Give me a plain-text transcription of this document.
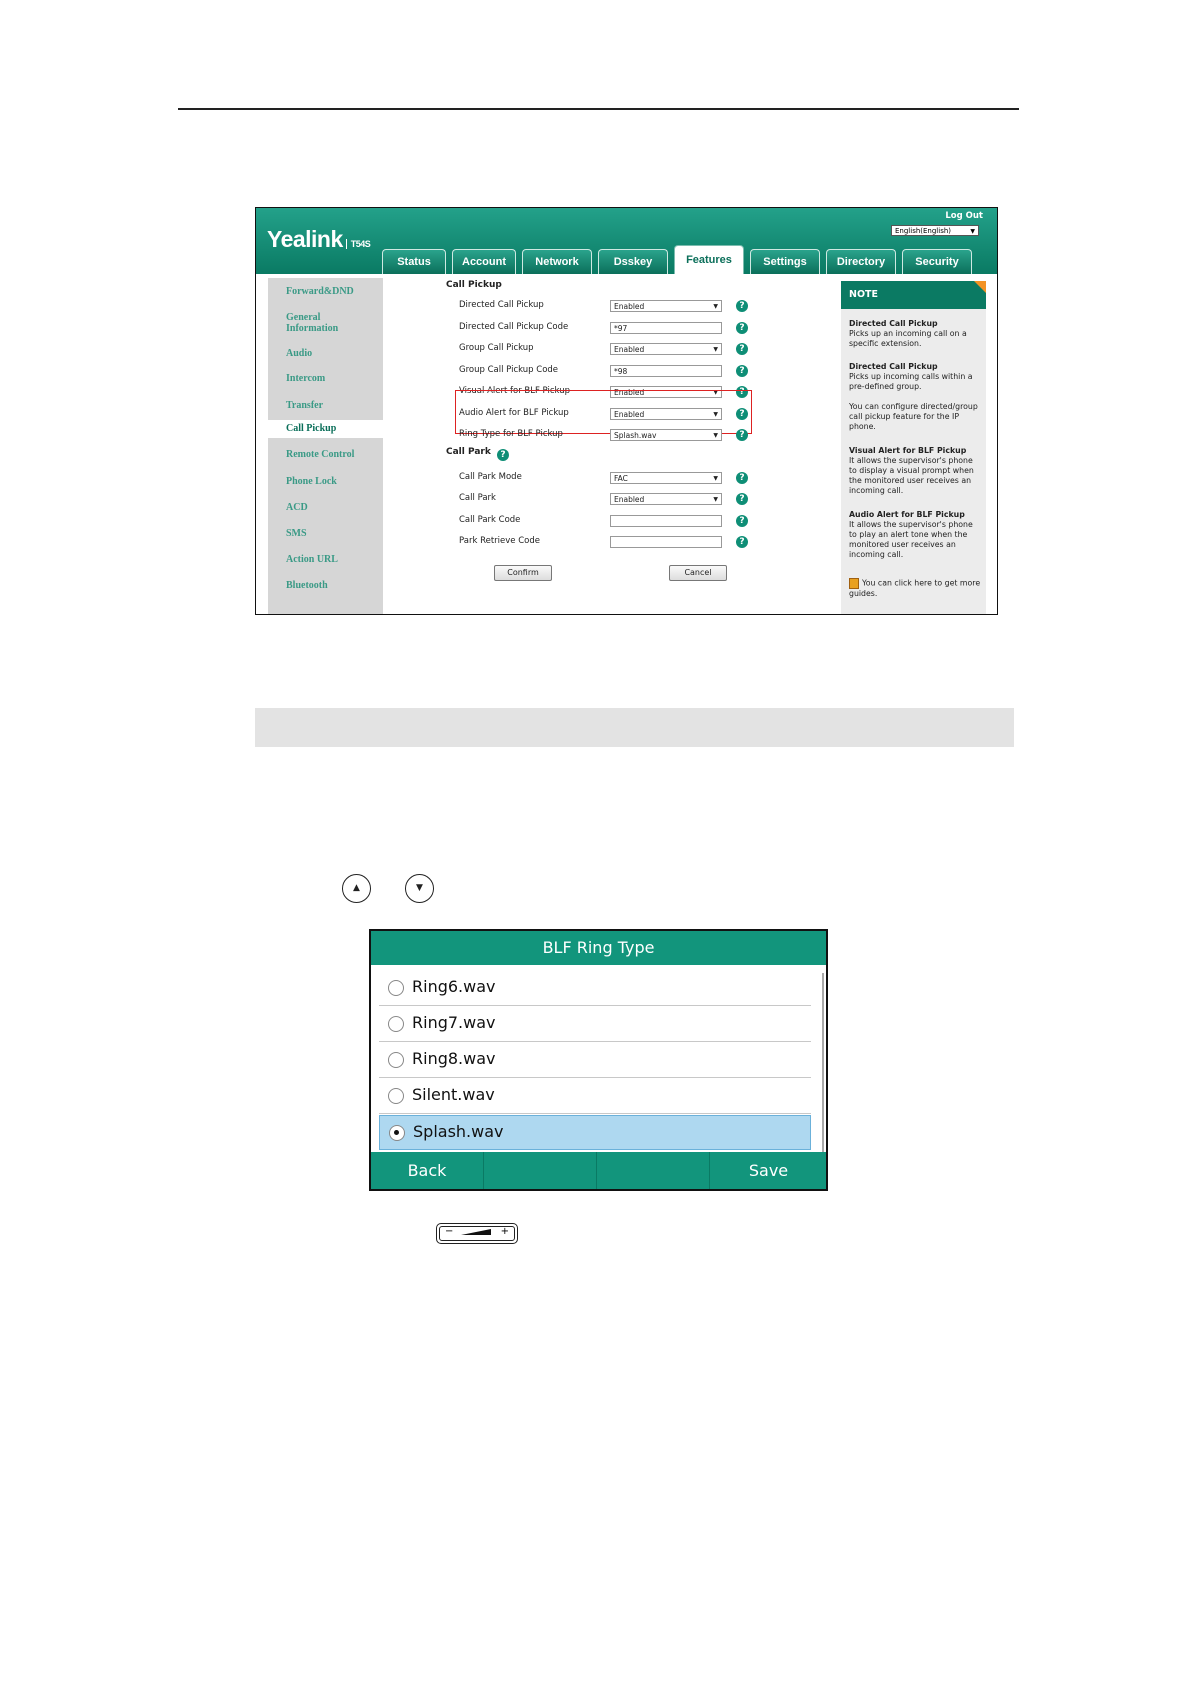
Yealink T54S
Log Out
English(English)	▼
Status	Account	Network	Dsskey	Features	Settings	Directory	Security
Forward&DND
General Information
Audio
Intercom
Transfer
Call Pickup
Remote Control
Phone Lock
ACD
SMS
Action URL
Bluetooth
Call Pickup
Directed Call Pickup	Enabled	▼	?
Directed Call Pickup Code	*97	?
Group Call Pickup	Enabled	▼	?
Group Call Pickup Code	*98	?
Visual Alert for BLF Pickup	Enabled	▼	?
Audio Alert for BLF Pickup	Enabled	▼	?
Ring Type for BLF Pickup	Splash.wav	▼	?
Call Park	?
Call Park Mode	FAC	▼	?
Call Park	Enabled	▼	?
Call Park Code	?
Park Retrieve Code	?
Confirm	Cancel
NOTE
Directed Call Pickup
Picks up an incoming call on a specific extension.
Directed Call Pickup
Picks up incoming calls within a pre-defined group.
You can configure directed/group call pickup feature for the IP phone.
Visual Alert for BLF Pickup
It allows the supervisor's phone to display a visual prompt when the monitored user receives an incoming call.
Audio Alert for BLF Pickup
It allows the supervisor's phone to play an alert tone when the monitored user receives an incoming call.
You can click here to get more guides.
▲	▼
BLF Ring Type
Ring6.wav
Ring7.wav
Ring8.wav
Silent.wav
Splash.wav
Back	Save
−	+
